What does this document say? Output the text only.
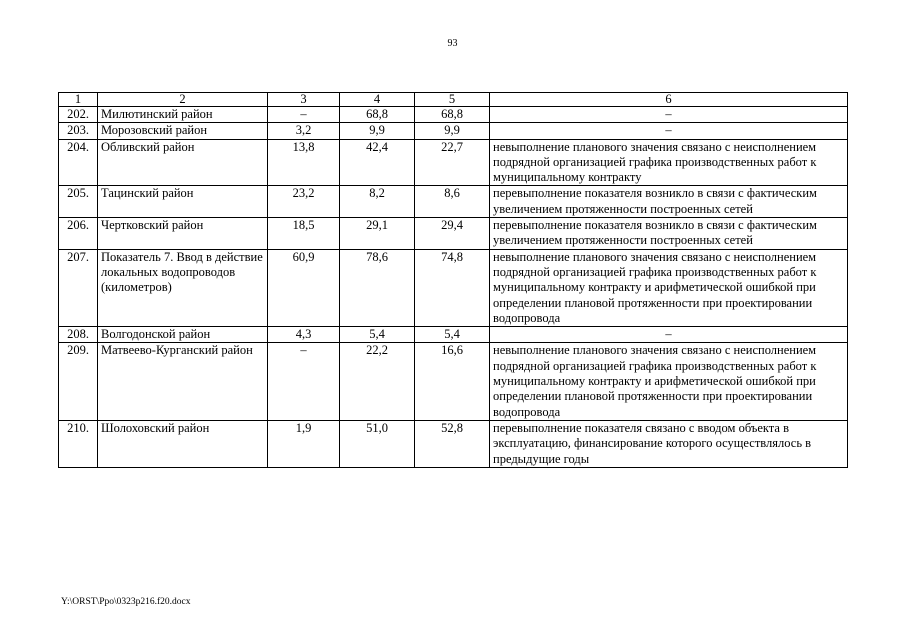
93
1	2	3	4	5	6
202.	Милютинский район	–	68,8	68,8	–
203.	Морозовский район	3,2	9,9	9,9	–
204.	Обливский район	13,8	42,4	22,7	невыполнение планового значения связано с неисполнением подрядной организацией графика производственных работ к муниципальному контракту
205.	Тацинский район	23,2	8,2	8,6	перевыполнение показателя возникло в связи с фактическим увеличением протяженности построенных сетей
206.	Чертковский район	18,5	29,1	29,4	перевыполнение показателя возникло в связи с фактическим увеличением протяженности построенных сетей
207.	Показатель 7. Ввод в действие локальных водопроводов (километров)	60,9	78,6	74,8	невыполнение планового значения связано с неисполнением подрядной организацией графика производственных работ к муниципальному контракту и арифметической ошибкой при определении плановой протяженности при проектировании водопровода
208.	Волгодонской район	4,3	5,4	5,4	–
209.	Матвеево-Курганский район	–	22,2	16,6	невыполнение планового значения связано с неисполнением подрядной организацией графика производственных работ к муниципальному контракту и арифметической ошибкой при определении плановой протяженности при проектировании водопровода
210.	Шолоховский район	1,9	51,0	52,8	перевыполнение показателя связано с вводом объекта в эксплуатацию, финансирование которого осуществлялось в предыдущие годы
Y:\ORST\Ppo\0323p216.f20.docx
